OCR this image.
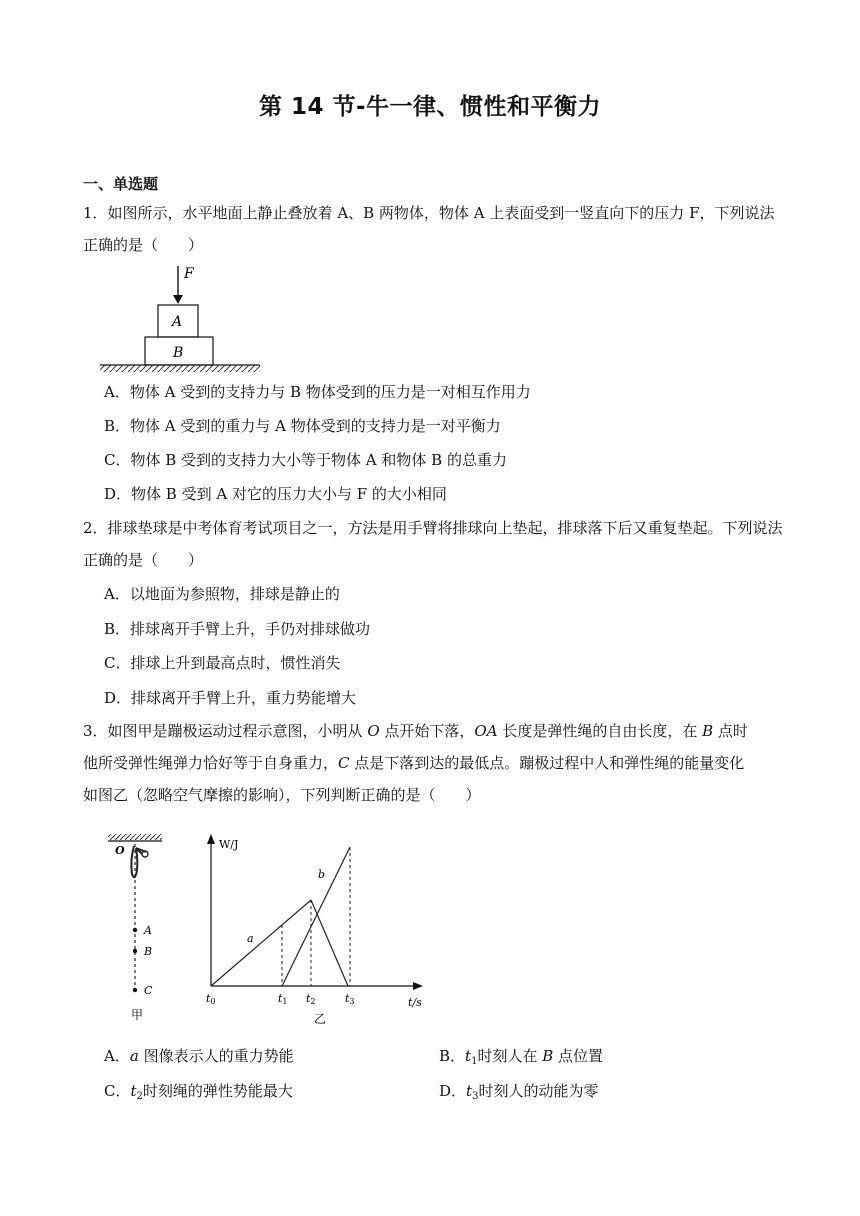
第 14 节-牛一律、惯性和平衡力
一、单选题
1．如图所示，水平地面上静止叠放着 A、B 两物体，物体 A 上表面受到一竖直向下的压力 F，下列说法正确的是（　　）
F
A
B
A．物体 A 受到的支持力与 B 物体受到的压力是一对相互作用力
B．物体 A 受到的重力与 A 物体受到的支持力是一对平衡力
C．物体 B 受到的支持力大小等于物体 A 和物体 B 的总重力
D．物体 B 受到 A 对它的压力大小与 F 的大小相同
2．排球垫球是中考体育考试项目之一，方法是用手臂将排球向上垫起，排球落下后又重复垫起。下列说法正确的是（　　）
A．以地面为参照物，排球是静止的
B．排球离开手臂上升，手仍对排球做功
C．排球上升到最高点时，惯性消失
D．排球离开手臂上升，重力势能增大
3．如图甲是蹦极运动过程示意图，小明从 O 点开始下落，OA 长度是弹性绳的自由长度，在 B 点时
他所受弹性绳弹力恰好等于自身重力，C 点是下落到达的最低点。蹦极过程中人和弹性绳的能量变化
如图乙（忽略空气摩擦的影响），下列判断正确的是（　　）
O
A
B
C
甲
W/J
a
b
t0	t1 t2	t3	t/s
乙
A．a 图像表示人的重力势能	B．$t_1$时刻人在 B 点位置
C．$t_2$时刻绳的弹性势能最大	D．$t_3$时刻人的动能为零
